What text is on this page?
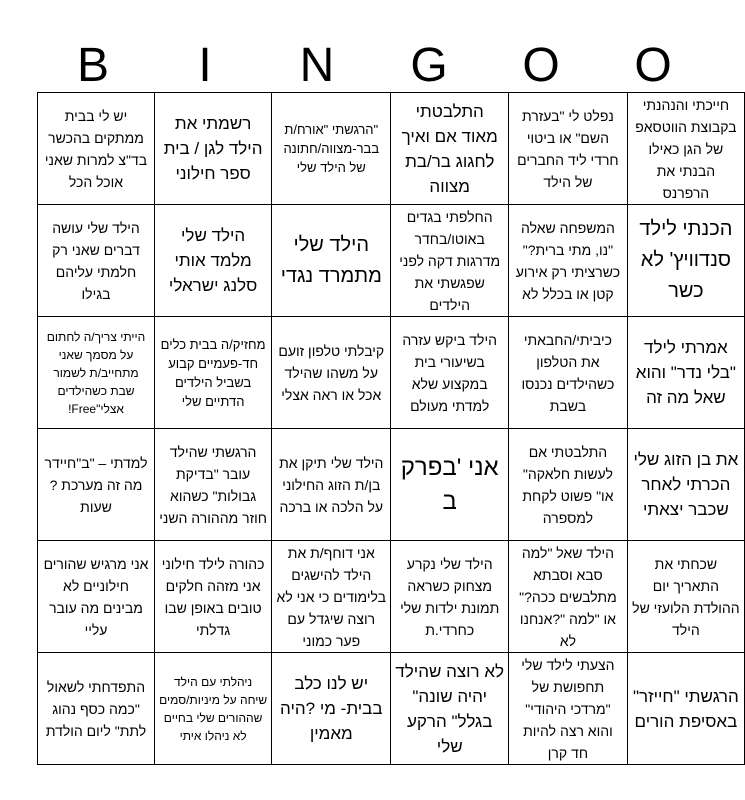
B	I	N	G	O	O
חייכתי והנהנתי בקבוצת הווטסאפ של הגן כאילו הבנתי את הרפרנס	נפלט לי "בעזרת השם" או ביטוי חרדי ליד החברים של הילד	התלבטתי מאוד אם ואיך לחגוג בר/בת מצווה	"הרגשתי "אורח/ת בבר-מצווה/חתונה של הילד שלי	רשמתי את הילד לגן / בית ספר חילוני	יש לי בבית ממתקים בהכשר בד"צ למרות שאני אוכל הכל
הכנתי לילד סנדוויץ' לא כשר	המשפחה שאלה "נו, מתי ברית?" כשרציתי רק אירוע קטן או בכלל לא	החלפתי בגדים באוטו/בחדר מדרגות דקה לפני שפגשתי את הילדים	הילד שלי מתמרד נגדי	הילד שלי מלמד אותי סלנג ישראלי	הילד שלי עושה דברים שאני רק חלמתי עליהם בגילו
אמרתי לילד "בלי נדר" והוא שאל מה זה	כיביתי/החבאתי את הטלפון כשהילדים נכנסו בשבת	הילד ביקש עזרה בשיעורי בית במקצוע שלא למדתי מעולם	קיבלתי טלפון זועם על משהו שהילד אכל או ראה אצלי	מחזיק/ה בבית כלים חד-פעמיים קבוע בשביל הילדים הדתיים שלי	הייתי צריך/ה לחתום על מסמך שאני מתחייב/ת לשמור שבת כשהילדים אצלי"Free!
את בן הזוג שלי הכרתי לאחר שכבר יצאתי	התלבטתי אם לעשות חלאקה" או" פשוט לקחת למספרה	אני 'בפרק ב	הילד שלי תיקן את בן/ת הזוג החילוני על הלכה או ברכה	הרגשתי שהילד עובר "בדיקת גבולות" כשהוא חוזר מההורה השני	למדתי – "ב"חיידר מה זה מערכת ?שעות
שכחתי את התאריך יום ההולדת הלועזי של הילד	הילד שאל "למה סבא וסבתא מתלבשים ככה?" או "למה "?אנחנו לא	הילד שלי נקרע מצחוק כשראה תמונת ילדות שלי כחרדי.ת	אני דוחף/ת את הילד להישגים בלימודים כי אני לא רוצה שיגדל עם פער כמוני	כהורה לילד חילוני אני מזהה חלקים טובים באופן שבו גדלתי	אני מרגיש שהורים חילוניים לא מבינים מה עובר עליי
הרגשתי "חייזר" באסיפת הורים	הצעתי לילד שלי תחפושת של "מרדכי היהודי" והוא רצה להיות חד קרן	לא רוצה שהילד יהיה שונה" בגלל" הרקע שלי	יש לנו כלב בבית- מי ?היה מאמין	ניהלתי עם הילד שיחה על מיניות/סמים שההורים שלי בחיים לא ניהלו איתי	התפדחתי לשאול "כמה כסף נהוג לתת" ליום הולדת
